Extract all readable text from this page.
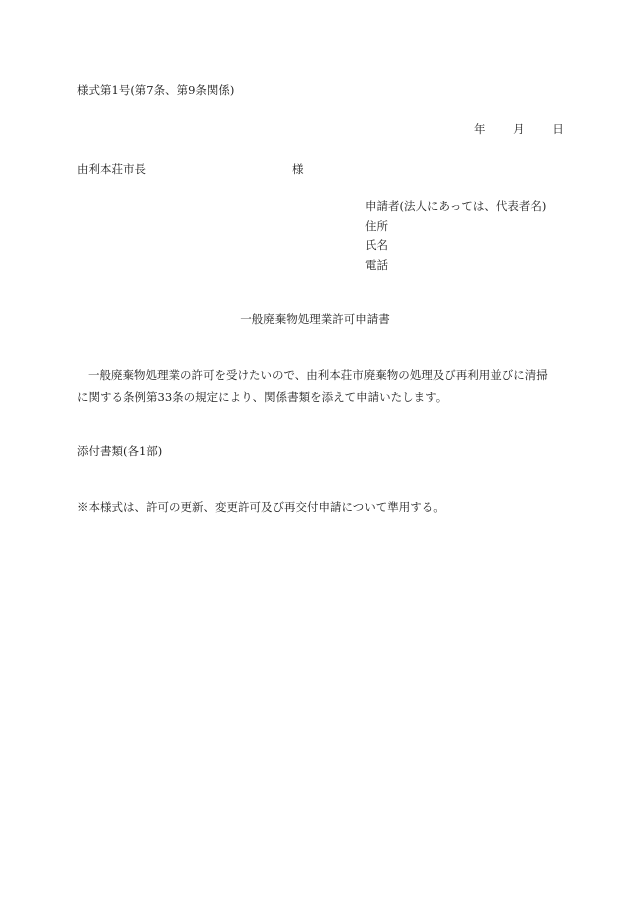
様式第1号(第7条、第9条関係)
年 月 日
由利本荘市長	様
申請者(法人にあっては、代表者名)
住所
氏名
電話
一般廃棄物処理業許可申請書
一般廃棄物処理業の許可を受けたいので、由利本荘市廃棄物の処理及び再利用並びに清掃に関する条例第33条の規定により、関係書類を添えて申請いたします。
添付書類(各1部)
※本様式は、許可の更新、変更許可及び再交付申請について準用する。
